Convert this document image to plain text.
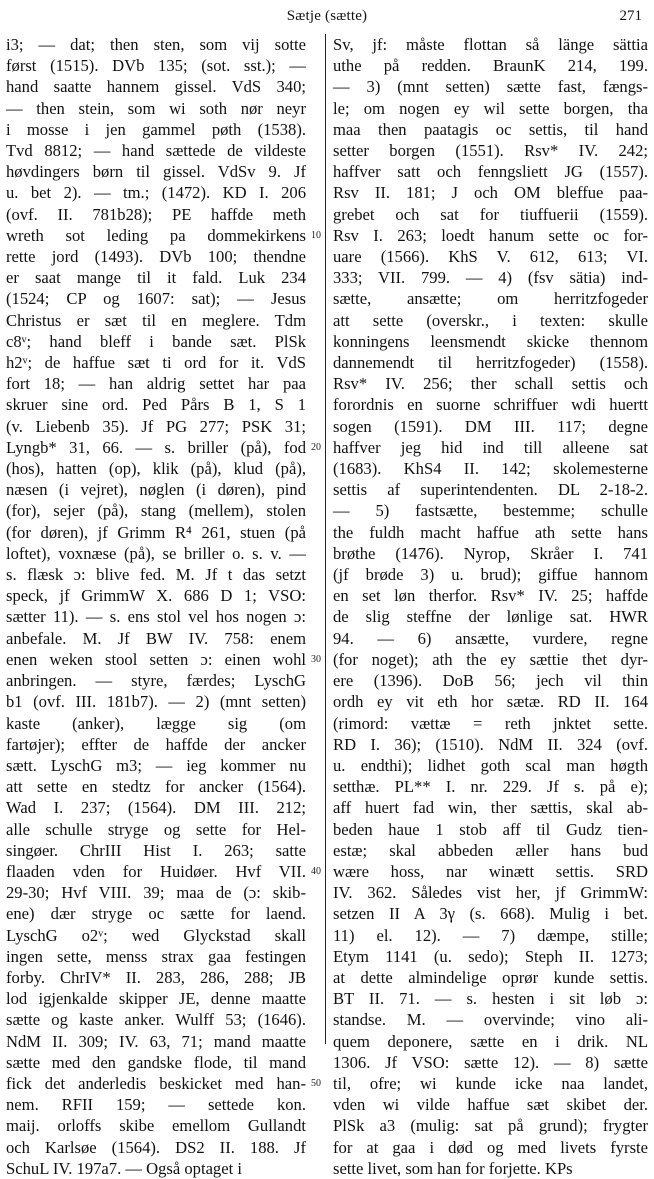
Sætje (sætte)	271
i3; — dat; then sten, som vij sotte
først (1515). DVb 135; (sot. sst.); —
hand saatte hannem gissel. VdS 340;
— then stein, som wi soth nør neyr
i mosse i jen gammel pøth (1538).
Tvd 8812; — hand sættede de vildeste
høvdingers børn til gissel. VdSv 9. Jf
u. bet 2). — tm.; (1472). KD I. 206
(ovf. II. 781b28); PE haffde meth
wreth sot leding pa dommekirkens
rette jord (1493). DVb 100; thendne
er saat mange til it fald. Luk 234
(1524; CP og 1607: sat); — Jesus
Christus er sæt til en meglere. Tdm
c8ᵛ; hand bleff i bande sæt. PlSk
h2ᵛ; de haffue sæt ti ord for it. VdS
fort 18; — han aldrig settet har paa
skruer sine ord. Ped Pårs B 1, S 1
(v. Liebenb 35). Jf PG 277; PSK 31;
Lyngb* 31, 66. — s. briller (på), fod
(hos), hatten (op), klik (på), klud (på),
næsen (i vejret), nøglen (i døren), pind
(for), sejer (på), stang (mellem), stolen
(for døren), jf Grimm R⁴ 261, stuen (på
loftet), voxnæse (på), se briller o. s. v. —
s. flæsk ɔ: blive fed. M. Jf t das setzt
speck, jf GrimmW X. 686 D 1; VSO:
sætter 11). — s. ens stol vel hos nogen ɔ:
anbefale. M. Jf BW IV. 758: enem
enen weken stool setten ɔ: einen wohl
anbringen. — styre, færdes; LyschG
b1 (ovf. III. 181b7). — 2) (mnt setten)
kaste (anker), lægge sig (om
fartøjer); effter de haffde der ancker
sætt. LyschG m3; — ieg kommer nu
att sette en stedtz for ancker (1564).
Wad I. 237; (1564). DM III. 212;
alle schulle stryge og sette for Hel-
singøer. ChrIII Hist I. 263; satte
flaaden vden for Huidøer. Hvf VII.
29-30; Hvf VIII. 39; maa de (ɔ: skib-
ene) dær stryge oc sætte for laend.
LyschG o2ᵛ; wed Glyckstad skall
ingen sette, menss strax gaa festingen
forby. ChrIV* II. 283, 286, 288; JB
lod igjenkalde skipper JE, denne maatte
sætte og kaste anker. Wulff 53; (1646).
NdM II. 309; IV. 63, 71; mand maatte
sætte med den gandske flode, til mand
fick det anderledis beskicket med han-
nem. RFII 159; — settede kon.
maij. orloffs skibe emellom Gullandt
och Karlsøe (1564). DS2 II. 188. Jf
SchuL IV. 197a7. — Også optaget i
10
20
30
40
50
Sv, jf: måste flottan så länge sättia
uthe på redden. BraunK 214, 199.
— 3) (mnt setten) sætte fast, fængs-
le; om nogen ey wil sette borgen, tha
maa then paatagis oc settis, til hand
setter borgen (1551). Rsv* IV. 242;
haffver satt och fenngsliett JG (1557).
Rsv II. 181; J och OM bleffue paa-
grebet och sat for tiuffuerii (1559).
Rsv I. 263; loedt hanum sette oc for-
uare (1566). KhS V. 612, 613; VI.
333; VII. 799. — 4) (fsv sätia) ind-
sætte, ansætte; om herritzfogeder
att sette (overskr., i texten: skulle
konningens leensmendt skicke thennom
dannemendt til herritzfogeder) (1558).
Rsv* IV. 256; ther schall settis och
forordnis en suorne schriffuer wdi huertt
sogen (1591). DM III. 117; degne
haffver jeg hid ind till alleene sat
(1683). KhS4 II. 142; skolemesterne
settis af superintendenten. DL 2-18-2.
— 5) fastsætte, bestemme; schulle
the fuldh macht haffue ath sette hans
brøthe (1476). Nyrop, Skråer I. 741
(jf brøde 3) u. brud); giffue hannom
en set løn therfor. Rsv* IV. 25; haffde
de slig steffne der lønlige sat. HWR
94. — 6) ansætte, vurdere, regne
(for noget); ath the ey sættie thet dyr-
ere (1396). DoB 56; jech vil thin
ordh ey vit eth hor sætæ. RD II. 164
(rimord: vættæ = reth jnktet sette.
RD I. 36); (1510). NdM II. 324 (ovf.
u. endthi); lidhet goth scal man høgth
setthæ. PL** I. nr. 229. Jf s. på e);
aff huert fad win, ther sættis, skal ab-
beden haue 1 stob aff til Gudz tien-
estæ; skal abbeden æller hans bud
wære hoss, nar winætt settis. SRD
IV. 362. Således vist her, jf GrimmW:
setzen II A 3γ (s. 668). Mulig i bet.
11) el. 12). — 7) dæmpe, stille;
Etym 1141 (u. sedo); Steph II. 1273;
at dette almindelige oprør kunde settis.
BT II. 71. — s. hesten i sit løb ɔ:
standse. M. — overvinde; vino ali-
quem deponere, sætte en i drik. NL
1306. Jf VSO: sætte 12). — 8) sætte
til, ofre; wi kunde icke naa landet,
vden wi vilde haffue sæt skibet der.
PlSk a3 (mulig: sat på grund); frygter
for at gaa i død og med livets fyrste
sette livet, som han for forjette. KPs
